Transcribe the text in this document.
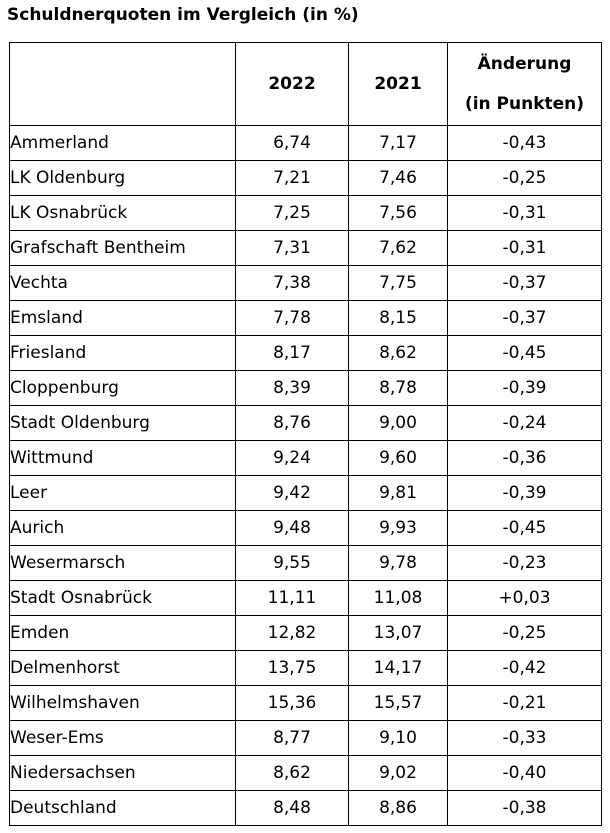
Schuldnerquoten im Vergleich (in %)
	2022	2021	Änderung
(in Punkten)

Ammerland	6,74	7,17	-0,43
LK Oldenburg	7,21	7,46	-0,25
LK Osnabrück	7,25	7,56	-0,31
Grafschaft Bentheim	7,31	7,62	-0,31
Vechta	7,38	7,75	-0,37
Emsland	7,78	8,15	-0,37
Friesland	8,17	8,62	-0,45
Cloppenburg	8,39	8,78	-0,39
Stadt Oldenburg	8,76	9,00	-0,24
Wittmund	9,24	9,60	-0,36
Leer	9,42	9,81	-0,39
Aurich	9,48	9,93	-0,45
Wesermarsch	9,55	9,78	-0,23
Stadt Osnabrück	11,11	11,08	+0,03
Emden	12,82	13,07	-0,25
Delmenhorst	13,75	14,17	-0,42
Wilhelmshaven	15,36	15,57	-0,21
Weser-Ems	8,77	9,10	-0,33
Niedersachsen	8,62	9,02	-0,40
Deutschland	8,48	8,86	-0,38
